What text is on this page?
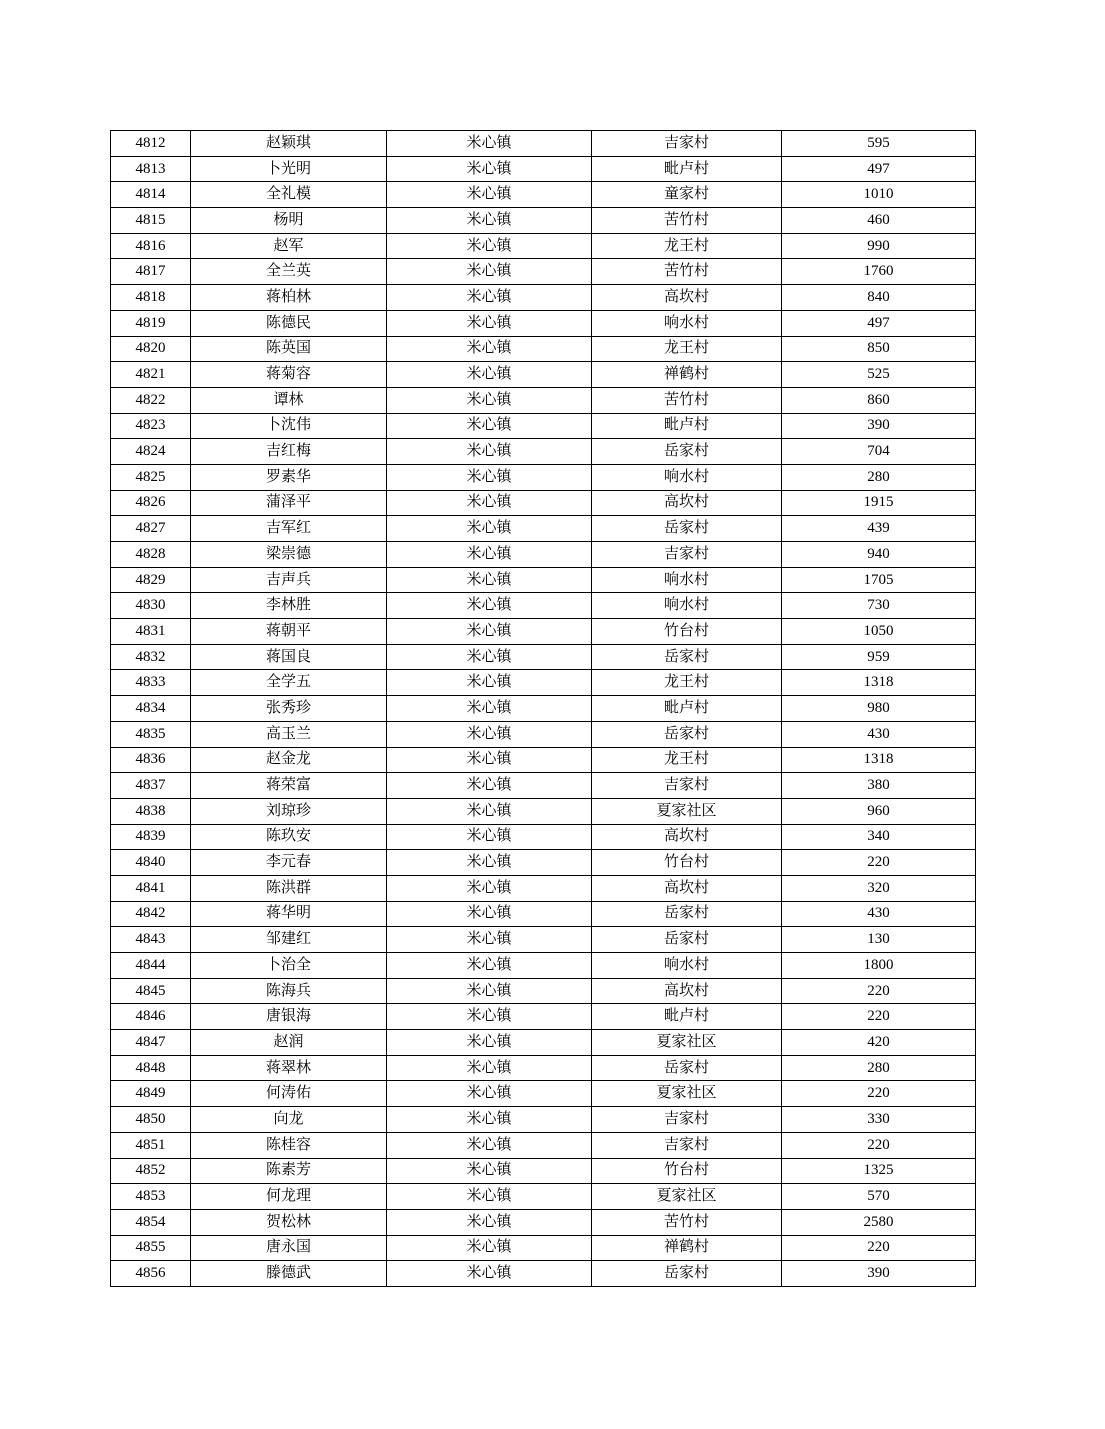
4812	赵颖琪	米心镇	吉家村	595
4813	卜光明	米心镇	毗卢村	497
4814	全礼模	米心镇	童家村	1010
4815	杨明	米心镇	苦竹村	460
4816	赵军	米心镇	龙王村	990
4817	全兰英	米心镇	苦竹村	1760
4818	蒋柏林	米心镇	高坎村	840
4819	陈德民	米心镇	响水村	497
4820	陈英国	米心镇	龙王村	850
4821	蒋菊容	米心镇	禅鹤村	525
4822	谭林	米心镇	苦竹村	860
4823	卜沈伟	米心镇	毗卢村	390
4824	吉红梅	米心镇	岳家村	704
4825	罗素华	米心镇	响水村	280
4826	蒲泽平	米心镇	高坎村	1915
4827	吉军红	米心镇	岳家村	439
4828	梁崇德	米心镇	吉家村	940
4829	吉声兵	米心镇	响水村	1705
4830	李林胜	米心镇	响水村	730
4831	蒋朝平	米心镇	竹台村	1050
4832	蒋国良	米心镇	岳家村	959
4833	全学五	米心镇	龙王村	1318
4834	张秀珍	米心镇	毗卢村	980
4835	高玉兰	米心镇	岳家村	430
4836	赵金龙	米心镇	龙王村	1318
4837	蒋荣富	米心镇	吉家村	380
4838	刘琼珍	米心镇	夏家社区	960
4839	陈玖安	米心镇	高坎村	340
4840	李元春	米心镇	竹台村	220
4841	陈洪群	米心镇	高坎村	320
4842	蒋华明	米心镇	岳家村	430
4843	邹建红	米心镇	岳家村	130
4844	卜治全	米心镇	响水村	1800
4845	陈海兵	米心镇	高坎村	220
4846	唐银海	米心镇	毗卢村	220
4847	赵润	米心镇	夏家社区	420
4848	蒋翠林	米心镇	岳家村	280
4849	何涛佑	米心镇	夏家社区	220
4850	向龙	米心镇	吉家村	330
4851	陈桂容	米心镇	吉家村	220
4852	陈素芳	米心镇	竹台村	1325
4853	何龙理	米心镇	夏家社区	570
4854	贺松林	米心镇	苦竹村	2580
4855	唐永国	米心镇	禅鹤村	220
4856	滕德武	米心镇	岳家村	390
